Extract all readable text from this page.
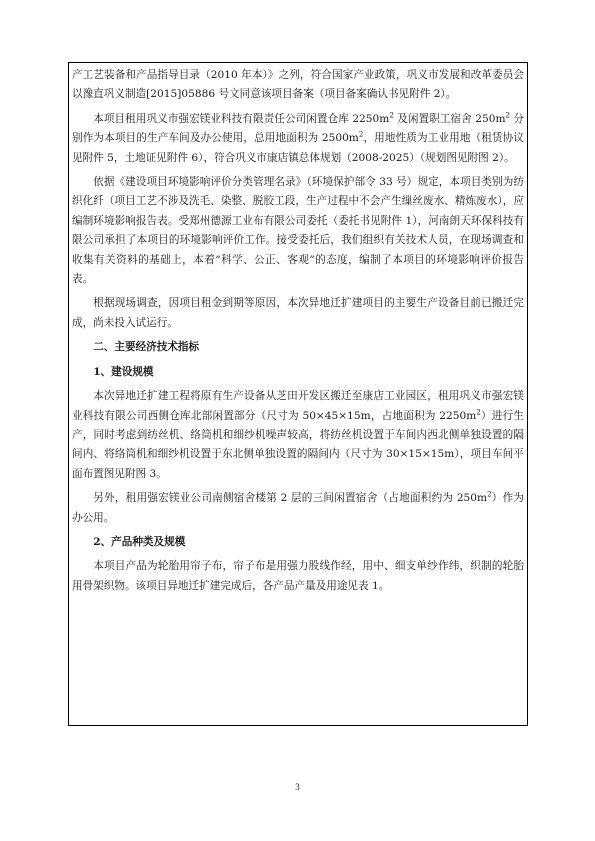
产工艺装备和产品指导目录（2010 年本）》之列，符合国家产业政策，巩义市发展和改革委员会以豫直巩义制造[2015]05886 号文同意该项目备案（项目备案确认书见附件 2）。

本项目租用巩义市强宏镁业科技有限责任公司闲置仓库 $2250m^2$ 及闲置职工宿舍 $250m^2$ 分别作为本项目的生产车间及办公使用，总用地面积为 $2500m^2$，用地性质为工业用地（租赁协议见附件 5，土地证见附件 6），符合巩义市康店镇总体规划（2008-2025）（规划图见附图 2）。

依据《建设项目环境影响评价分类管理名录》（环境保护部令 33 号）规定，本项目类别为纺织化纤（项目工艺不涉及洗毛、染整、脱胶工段，生产过程中不会产生缫丝废水、精炼废水），应编制环境影响报告表。受郑州德源工业布有限公司委托（委托书见附件 1），河南朗天环保科技有限公司承担了本项目的环境影响评价工作。接受委托后，我们组织有关技术人员，在现场调查和收集有关资料的基础上，本着“科学、公正、客观”的态度，编制了本项目的环境影响评价报告表。

根据现场调查，因项目租金到期等原因，本次异地迁扩建项目的主要生产设备目前已搬迁完成，尚未投入试运行。

二、主要经济技术指标

1、建设规模

本次异地迁扩建工程将原有生产设备从芝田开发区搬迁至康店工业园区，租用巩义市强宏镁业科技有限公司西侧仓库北部闲置部分（尺寸为 50×45×15m，占地面积为 $2250m^2$）进行生产，同时考虑到纺丝机、络筒机和细纱机噪声较高，将纺丝机设置于车间内西北侧单独设置的隔间内、将络筒机和细纱机设置于东北侧单独设置的隔间内（尺寸为 30×15×15m），项目车间平面布置图见附图 3。

另外，租用强宏镁业公司南侧宿舍楼第 2 层的三间闲置宿舍（占地面积约为 $250m^2$）作为办公用。

2、产品种类及规模

本项目产品为轮胎用帘子布，帘子布是用强力股线作经，用中、细支单纱作纬，织制的轮胎用骨架织物。该项目异地迁扩建完成后，各产品产量及用途见表 1。

3
